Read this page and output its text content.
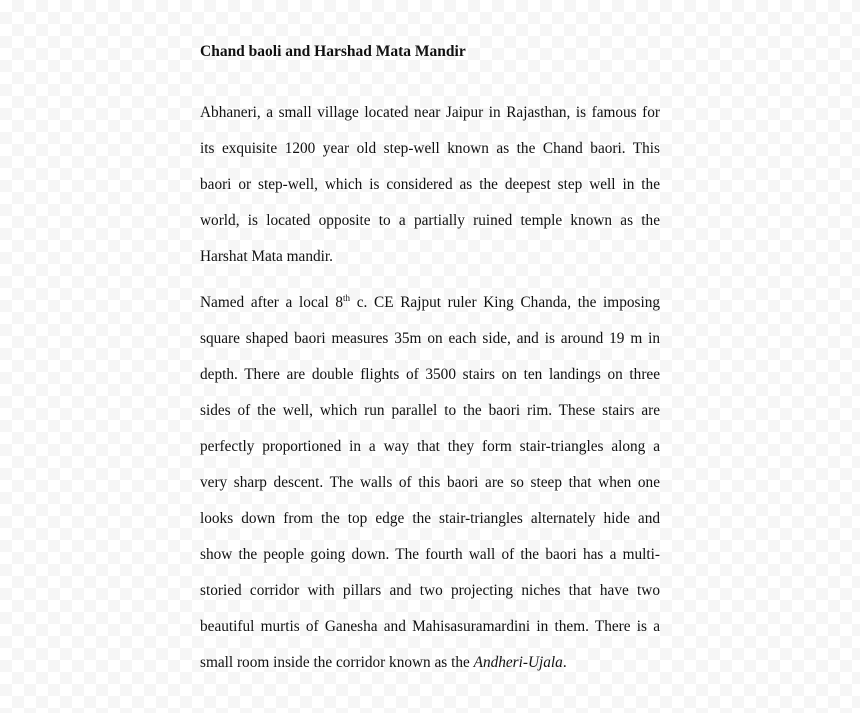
Chand baoli and Harshad Mata Mandir
Abhaneri, a small village located near Jaipur in Rajasthan, is famous for
its exquisite 1200 year old step-well known as the Chand baori. This
baori or step-well, which is considered as the deepest step well in the
world, is located opposite to a partially ruined temple known as the
Harshat Mata mandir.
Named after a local 8th c. CE Rajput ruler King Chanda, the imposing
square shaped baori measures 35m on each side, and is around 19 m in
depth. There are double flights of 3500 stairs on ten landings on three
sides of the well, which run parallel to the baori rim. These stairs are
perfectly proportioned in a way that they form stair-triangles along a
very sharp descent. The walls of this baori are so steep that when one
looks down from the top edge the stair-triangles alternately hide and
show the people going down. The fourth wall of the baori has a multi-
storied corridor with pillars and two projecting niches that have two
beautiful murtis of Ganesha and Mahisasuramardini in them. There is a
small room inside the corridor known as the Andheri-Ujala.
